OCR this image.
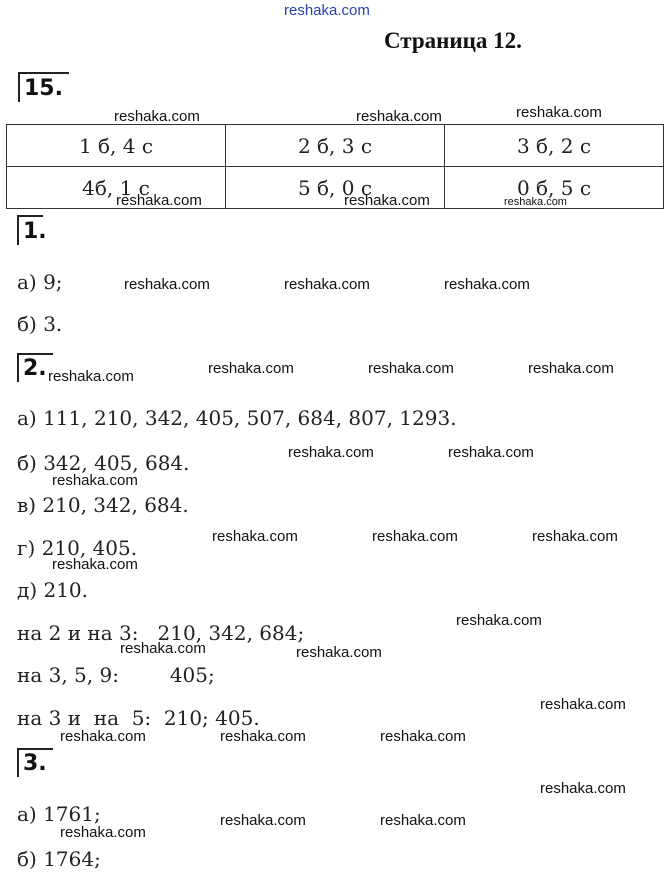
reshaka.com
Страница 12.
15.
1 б, 4 с	2 б, 3 с	3 б, 2 с
4б, 1 с	5 б, 0 с	0 б, 5 с
1.
а) 9;
б) 3.
2.
а) 111, 210, 342, 405, 507, 684, 807, 1293.
б) 342, 405, 684.
в) 210, 342, 684.
г) 210, 405.
д) 210.
на 2 и на 3:   210, 342, 684;
на 3, 5, 9:        405;
на 3 и  на  5:  210; 405.
3.
а) 1761;
б) 1764;
reshaka.com	reshaka.com	reshaka.com
reshaka.com	reshaka.com	reshaka.com
reshaka.com	reshaka.com	reshaka.com
reshaka.com	reshaka.com	reshaka.com	reshaka.com
reshaka.com	reshaka.com
reshaka.com
reshaka.com	reshaka.com	reshaka.com
reshaka.com
reshaka.com
reshaka.com	reshaka.com
reshaka.com
reshaka.com	reshaka.com	reshaka.com
reshaka.com
reshaka.com	reshaka.com
reshaka.com
